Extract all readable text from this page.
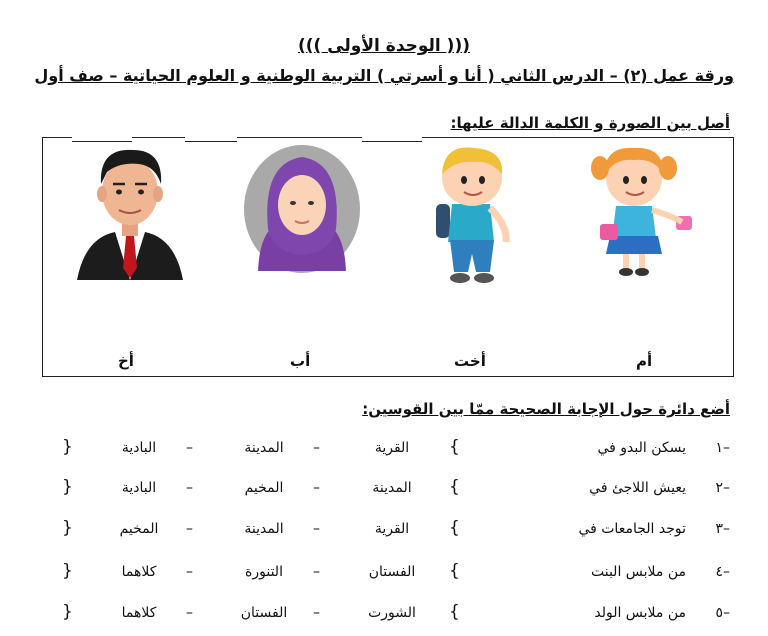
((( الوحدة الأولى )))
ورقة عمل (٢) – الدرس الثاني ( أنا و أسرتي ) التربية الوطنية و العلوم الحياتية – صف أول
أصل بين الصورة و الكلمة الدالة عليها:
أم
أخت
أب
أخ
أضع دائرة حول الإجابة الصحيحة ممّا بين القوسين:
١–
يسكن البدو في
{
القرية
–
المدينة
–
البادية
}
٢–
يعيش اللاجئ في
{
المدينة
–
المخيم
–
البادية
}
٣–
توجد الجامعات في
{
القرية
–
المدينة
–
المخيم
}
٤–
من ملابس البنت
{
الفستان
–
التنورة
–
كلاهما
}
٥–
من ملابس الولد
{
الشورت
–
الفستان
–
كلاهما
}
